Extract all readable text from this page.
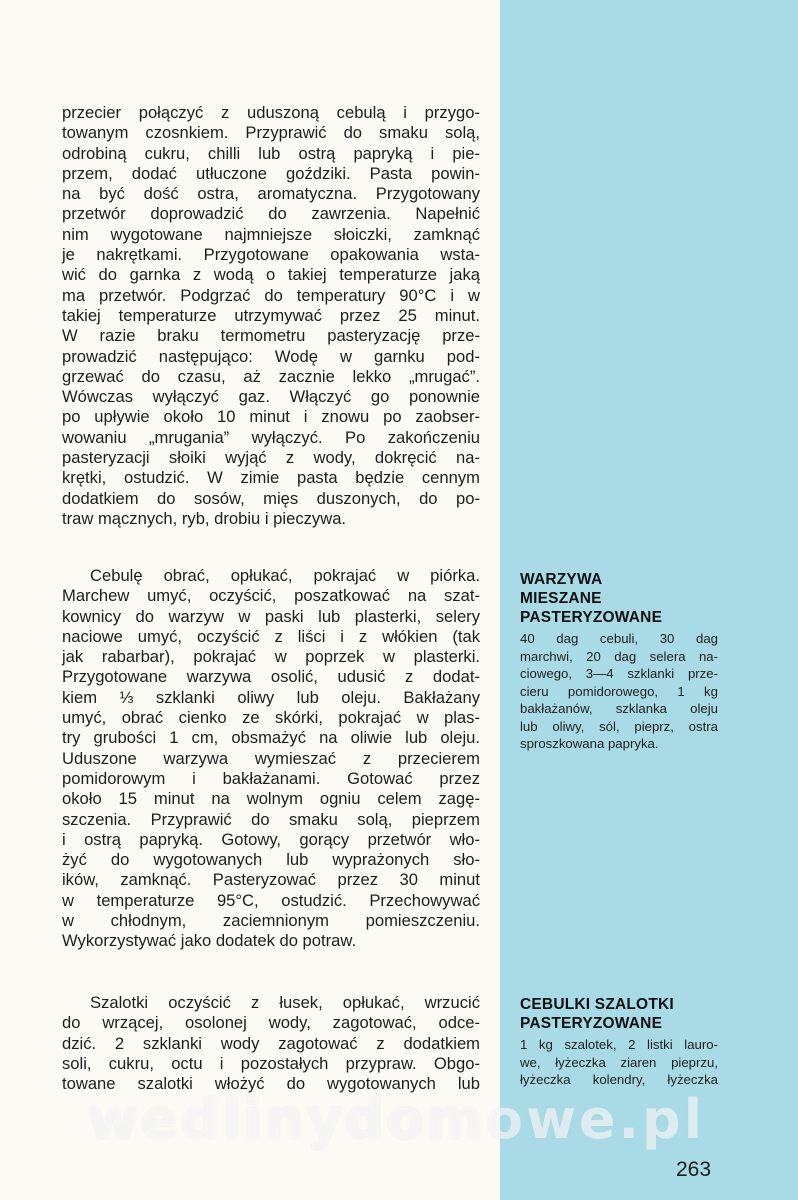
przecier połączyć z uduszoną cebulą i przygo-
towanym czosnkiem. Przyprawić do smaku solą,
odrobiną cukru, chilli lub ostrą papryką i pie-
przem, dodać utłuczone goździki. Pasta powin-
na być dość ostra, aromatyczna. Przygotowany
przetwór doprowadzić do zawrzenia. Napełnić
nim wygotowane najmniejsze słoiczki, zamknąć
je nakrętkami. Przygotowane opakowania wsta-
wić do garnka z wodą o takiej temperaturze jaką
ma przetwór. Podgrzać do temperatury 90°C i w
takiej temperaturze utrzymywać przez 25 minut.
W razie braku termometru pasteryzację prze-
prowadzić następująco: Wodę w garnku pod-
grzewać do czasu, aż zacznie lekko „mrugać”.
Wówczas wyłączyć gaz. Włączyć go ponownie
po upływie około 10 minut i znowu po zaobser-
wowaniu „mrugania” wyłączyć. Po zakończeniu
pasteryzacji słoiki wyjąć z wody, dokręcić na-
krętki, ostudzić. W zimie pasta będzie cennym
dodatkiem do sosów, mięs duszonych, do po-
traw mącznych, ryb, drobiu i pieczywa.
Cebulę obrać, opłukać, pokrajać w piórka.
Marchew umyć, oczyścić, poszatkować na szat-
kownicy do warzyw w paski lub plasterki, selery
naciowe umyć, oczyścić z liści i z włókien (tak
jak rabarbar), pokrajać w poprzek w plasterki.
Przygotowane warzywa osolić, udusić z dodat-
kiem ⅓ szklanki oliwy lub oleju. Bakłażany
umyć, obrać cienko ze skórki, pokrajać w plas-
try grubości 1 cm, obsmażyć na oliwie lub oleju.
Uduszone warzywa wymieszać z przecierem
pomidorowym i bakłażanami. Gotować przez
około 15 minut na wolnym ogniu celem zagę-
szczenia. Przyprawić do smaku solą, pieprzem
i ostrą papryką. Gotowy, gorący przetwór wło-
żyć do wygotowanych lub wyprażonych sło-
ików, zamknąć. Pasteryzować przez 30 minut
w temperaturze 95°C, ostudzić. Przechowywać
w chłodnym, zaciemnionym pomieszczeniu.
Wykorzystywać jako dodatek do potraw.
Szalotki oczyścić z łusek, opłukać, wrzucić
do wrzącej, osolonej wody, zagotować, odce-
dzić. 2 szklanki wody zagotować z dodatkiem
soli, cukru, octu i pozostałych przypraw. Obgo-
towane szalotki włożyć do wygotowanych lub
WARZYWA
MIESZANE
PASTERYZOWANE
40 dag cebuli, 30 dag
marchwi, 20 dag selera na-
ciowego, 3—4 szklanki prze-
cieru pomidorowego, 1 kg
bakłażanów, szklanka oleju
lub oliwy, sól, pieprz, ostra
sproszkowana papryka.
CEBULKI SZALOTKI
PASTERYZOWANE
1 kg szalotek, 2 listki lauro-
we, łyżeczka ziaren pieprzu,
łyżeczka kolendry, łyżeczka
wedlinydomowe.pl
263
